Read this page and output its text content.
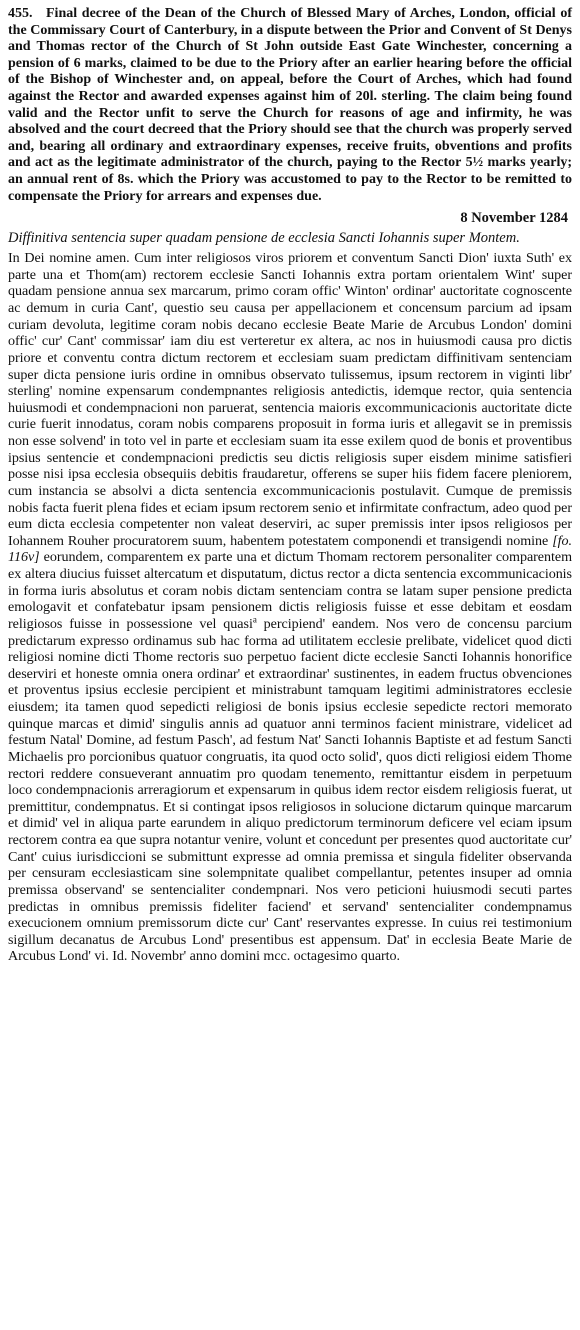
455. Final decree of the Dean of the Church of Blessed Mary of Arches, London, official of the Commissary Court of Canterbury, in a dispute between the Prior and Convent of St Denys and Thomas rector of the Church of St John outside East Gate Winchester, concerning a pension of 6 marks, claimed to be due to the Priory after an earlier hearing before the official of the Bishop of Winchester and, on appeal, before the Court of Arches, which had found against the Rector and awarded expenses against him of 20l. sterling. The claim being found valid and the Rector unfit to serve the Church for reasons of age and infirmity, he was absolved and the court decreed that the Priory should see that the church was properly served and, bearing all ordinary and extraordinary expenses, receive fruits, obventions and profits and act as the legitimate administrator of the church, paying to the Rector 5½ marks yearly; an annual rent of 8s. which the Priory was accustomed to pay to the Rector to be remitted to compensate the Priory for arrears and expenses due.

8 November 1284
Diffinitiva sentencia super quadam pensione de ecclesia Sancti Iohannis super Montem.

In Dei nomine amen. Cum inter religiosos viros priorem et conventum Sancti Dion' iuxta Suth' ex parte una et Thom(am) rectorem ecclesie Sancti Iohannis extra portam orientalem Wint' super quadam pensione annua sex marcarum, primo coram offic' Winton' ordinar' auctoritate cognoscente ac demum in curia Cant', questio seu causa per appellacionem et concensum parcium ad ipsam curiam devoluta, legitime coram nobis decano ecclesie Beate Marie de Arcubus London' domini offic' cur' Cant' commissar' iam diu est verteretur ex altera, ac nos in huiusmodi causa pro dictis priore et conventu contra dictum rectorem et ecclesiam suam predictam diffinitivam sentenciam super dicta pensione iuris ordine in omnibus observato tulissemus, ipsum rectorem in viginti libr' sterling' nomine expensarum condempnantes religiosis antedictis, idemque rector, quia sentencia huiusmodi et condempnacioni non paruerat, sentencia maioris excommunicacionis auctoritate dicte curie fuerit innodatus, coram nobis comparens proposuit in forma iuris et allegavit se in premissis non esse solvend' in toto vel in parte et ecclesiam suam ita esse exilem quod de bonis et proventibus ipsius sentencie et condempnacioni predictis seu dictis religiosis super eisdem minime satisfieri posse nisi ipsa ecclesia obsequiis debitis fraudaretur, offerens se super hiis fidem facere pleniorem, cum instancia se absolvi a dicta sentencia excommunicacionis postulavit. Cumque de premissis nobis facta fuerit plena fides et eciam ipsum rectorem senio et infirmitate confractum, adeo quod per eum dicta ecclesia competenter non valeat deserviri, ac super premissis inter ipsos religiosos per Iohannem Rouher procuratorem suum, habentem potestatem componendi et transigendi nomine [fo. 116v] eorundem, comparentem ex parte una et dictum Thomam rectorem personaliter comparentem ex altera diucius fuisset altercatum et disputatum, dictus rector a dicta sentencia excommunicacionis in forma iuris absolutus et coram nobis dictam sentenciam contra se latam super pensione predicta emologavit et confatebatur ipsam pensionem dictis religiosis fuisse et esse debitam et eosdam religiosos fuisse in possessione vel quasi$^a$ percipiend' eandem. Nos vero de concensu parcium predictarum expresso ordinamus sub hac forma ad utilitatem ecclesie prelibate, videlicet quod dicti religiosi nomine dicti Thome rectoris suo perpetuo facient dicte ecclesie Sancti Iohannis honorifice deserviri et honeste omnia onera ordinar' et extraordinar' sustinentes, in eadem fructus obvenciones et proventus ipsius ecclesie percipient et ministrabunt tamquam legitimi administratores ecclesie eiusdem; ita tamen quod sepedicti religiosi de bonis ipsius ecclesie sepedicte rectori memorato quinque marcas et dimid' singulis annis ad quatuor anni terminos facient ministrare, videlicet ad festum Natal' Domine, ad festum Pasch', ad festum Nat' Sancti Iohannis Baptiste et ad festum Sancti Michaelis pro porcionibus quatuor congruatis, ita quod octo solid', quos dicti religiosi eidem Thome rectori reddere consueverant annuatim pro quodam tenemento, remittantur eisdem in perpetuum loco condempnacionis arreragiorum et expensarum in quibus idem rector eisdem religiosis fuerat, ut premittitur, condempnatus. Et si contingat ipsos religiosos in solucione dictarum quinque marcarum et dimid' vel in aliqua parte earundem in aliquo predictorum terminorum deficere vel eciam ipsum rectorem contra ea que supra notantur venire, volunt et concedunt per presentes quod auctoritate cur' Cant' cuius iurisdiccioni se submittunt expresse ad omnia premissa et singula fideliter observanda per censuram ecclesiasticam sine solempnitate qualibet compellantur, petentes insuper ad omnia premissa observand' se sentencialiter condempnari. Nos vero peticioni huiusmodi secuti partes predictas in omnibus premissis fideliter faciend' et servand' sentencialiter condempnamus execucionem omnium premissorum dicte cur' Cant' reservantes expresse. In cuius rei testimonium sigillum decanatus de Arcubus Lond' presentibus est appensum. Dat' in ecclesia Beate Marie de Arcubus Lond' vi. Id. Novembr' anno domini mcc. octagesimo quarto.
